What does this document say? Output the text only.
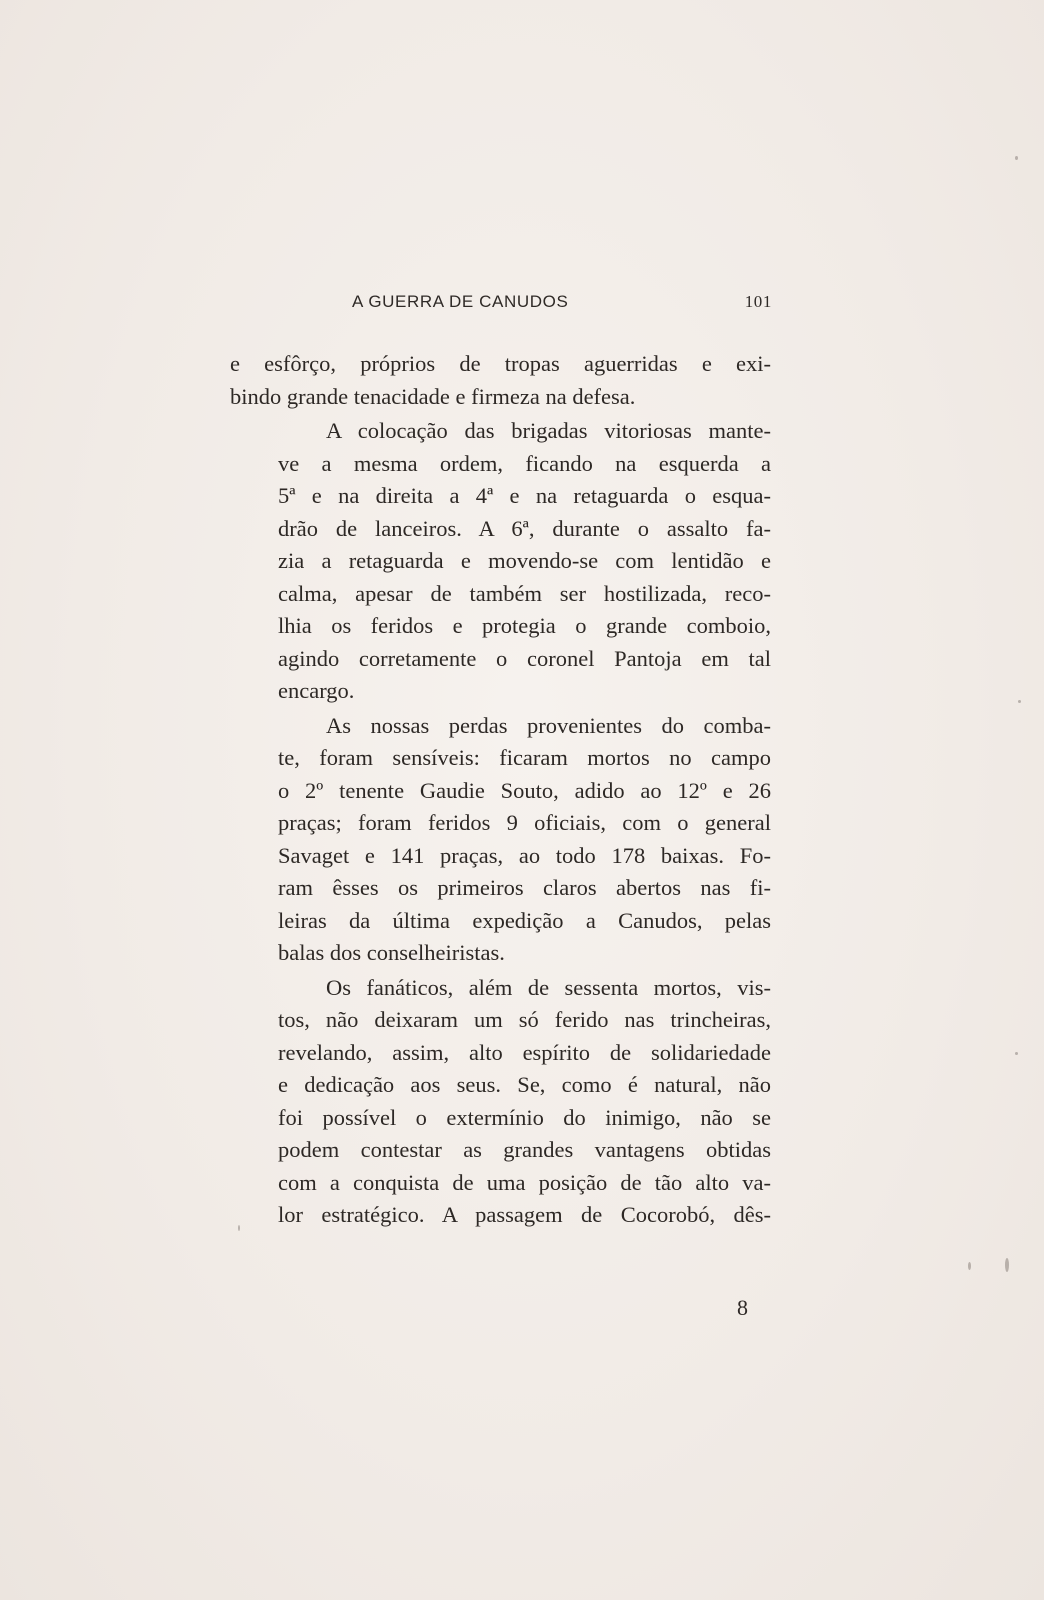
A GUERRA DE CANUDOS	101
e esfôrço, próprios de tropas aguerridas e exi-
bindo grande tenacidade e firmeza na defesa.
A colocação das brigadas vitoriosas mante-
ve a mesma ordem, ficando na esquerda a
5ª e na direita a 4ª e na retaguarda o esqua-
drão de lanceiros. A 6ª, durante o assalto fa-
zia a retaguarda e movendo-se com lentidão e
calma, apesar de também ser hostilizada, reco-
lhia os feridos e protegia o grande comboio,
agindo corretamente o coronel Pantoja em tal
encargo.
As nossas perdas provenientes do comba-
te, foram sensíveis: ficaram mortos no campo
o 2º tenente Gaudie Souto, adido ao 12º e 26
praças; foram feridos 9 oficiais, com o general
Savaget e 141 praças, ao todo 178 baixas. Fo-
ram êsses os primeiros claros abertos nas fi-
leiras da última expedição a Canudos, pelas
balas dos conselheiristas.
Os fanáticos, além de sessenta mortos, vis-
tos, não deixaram um só ferido nas trincheiras,
revelando, assim, alto espírito de solidariedade
e dedicação aos seus. Se, como é natural, não
foi possível o extermínio do inimigo, não se
podem contestar as grandes vantagens obtidas
com a conquista de uma posição de tão alto va-
lor estratégico. A passagem de Cocorobó, dês-
8
